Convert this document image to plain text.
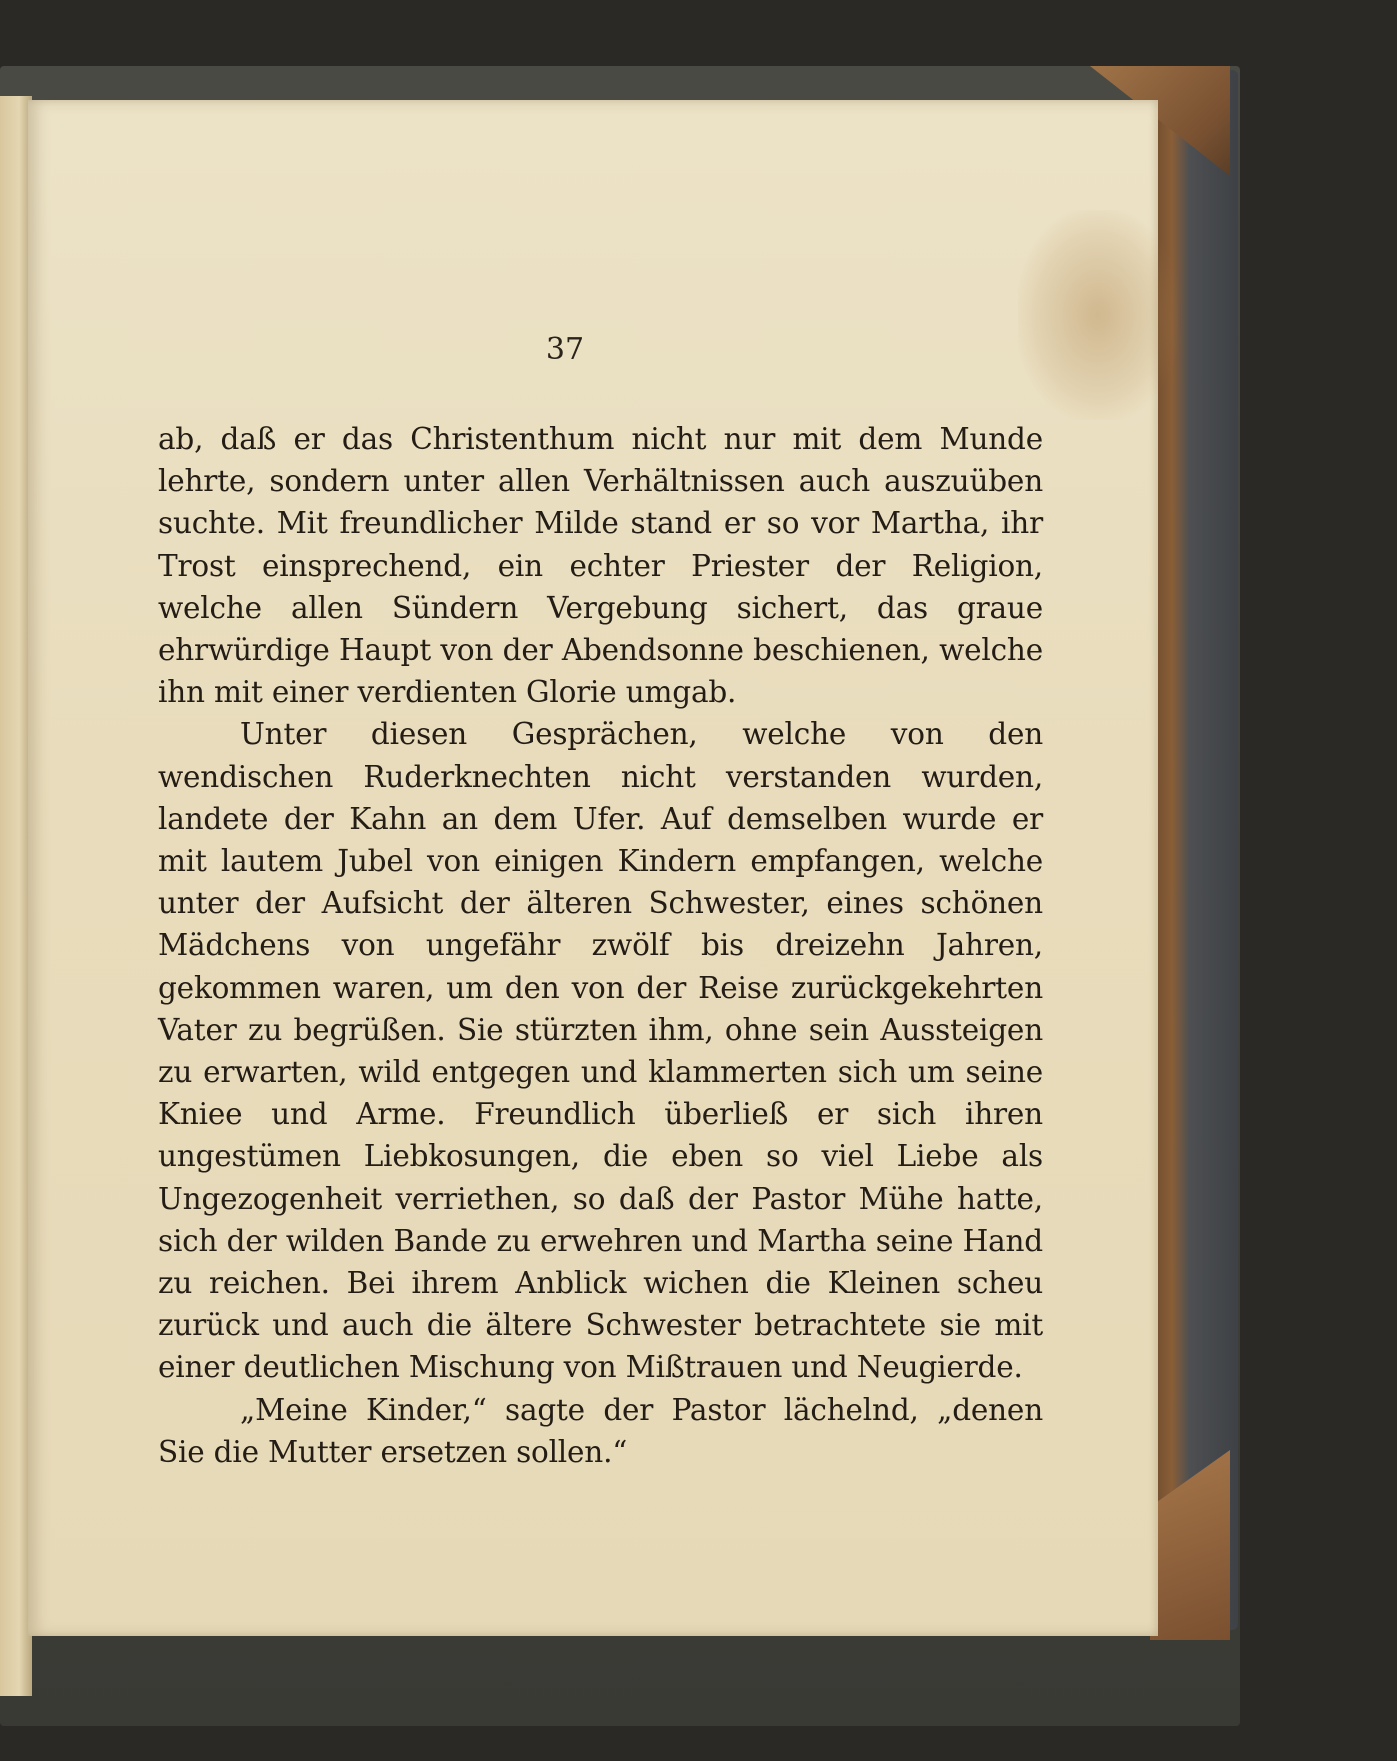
37

ab, daß er das Christenthum nicht nur mit dem Munde lehrte, sondern unter allen Verhältnissen auch auszuüben suchte. Mit freundlicher Milde stand er so vor Martha, ihr Trost einsprechend, ein echter Priester der Religion, welche allen Sündern Vergebung sichert, das graue ehrwürdige Haupt von der Abendsonne beschienen, welche ihn mit einer verdienten Glorie umgab.

Unter diesen Gesprächen, welche von den wendischen Ruderknechten nicht verstanden wurden, landete der Kahn an dem Ufer. Auf demselben wurde er mit lautem Jubel von einigen Kindern empfangen, welche unter der Aufsicht der älteren Schwester, eines schönen Mädchens von ungefähr zwölf bis dreizehn Jahren, gekommen waren, um den von der Reise zurückgekehrten Vater zu begrüßen. Sie stürzten ihm, ohne sein Aussteigen zu erwarten, wild entgegen und klammerten sich um seine Kniee und Arme. Freundlich überließ er sich ihren ungestümen Liebkosungen, die eben so viel Liebe als Ungezogenheit verriethen, so daß der Pastor Mühe hatte, sich der wilden Bande zu erwehren und Martha seine Hand zu reichen. Bei ihrem Anblick wichen die Kleinen scheu zurück und auch die ältere Schwester betrachtete sie mit einer deutlichen Mischung von Mißtrauen und Neugierde.

„Meine Kinder,“ sagte der Pastor lächelnd, „denen Sie die Mutter ersetzen sollen.“
